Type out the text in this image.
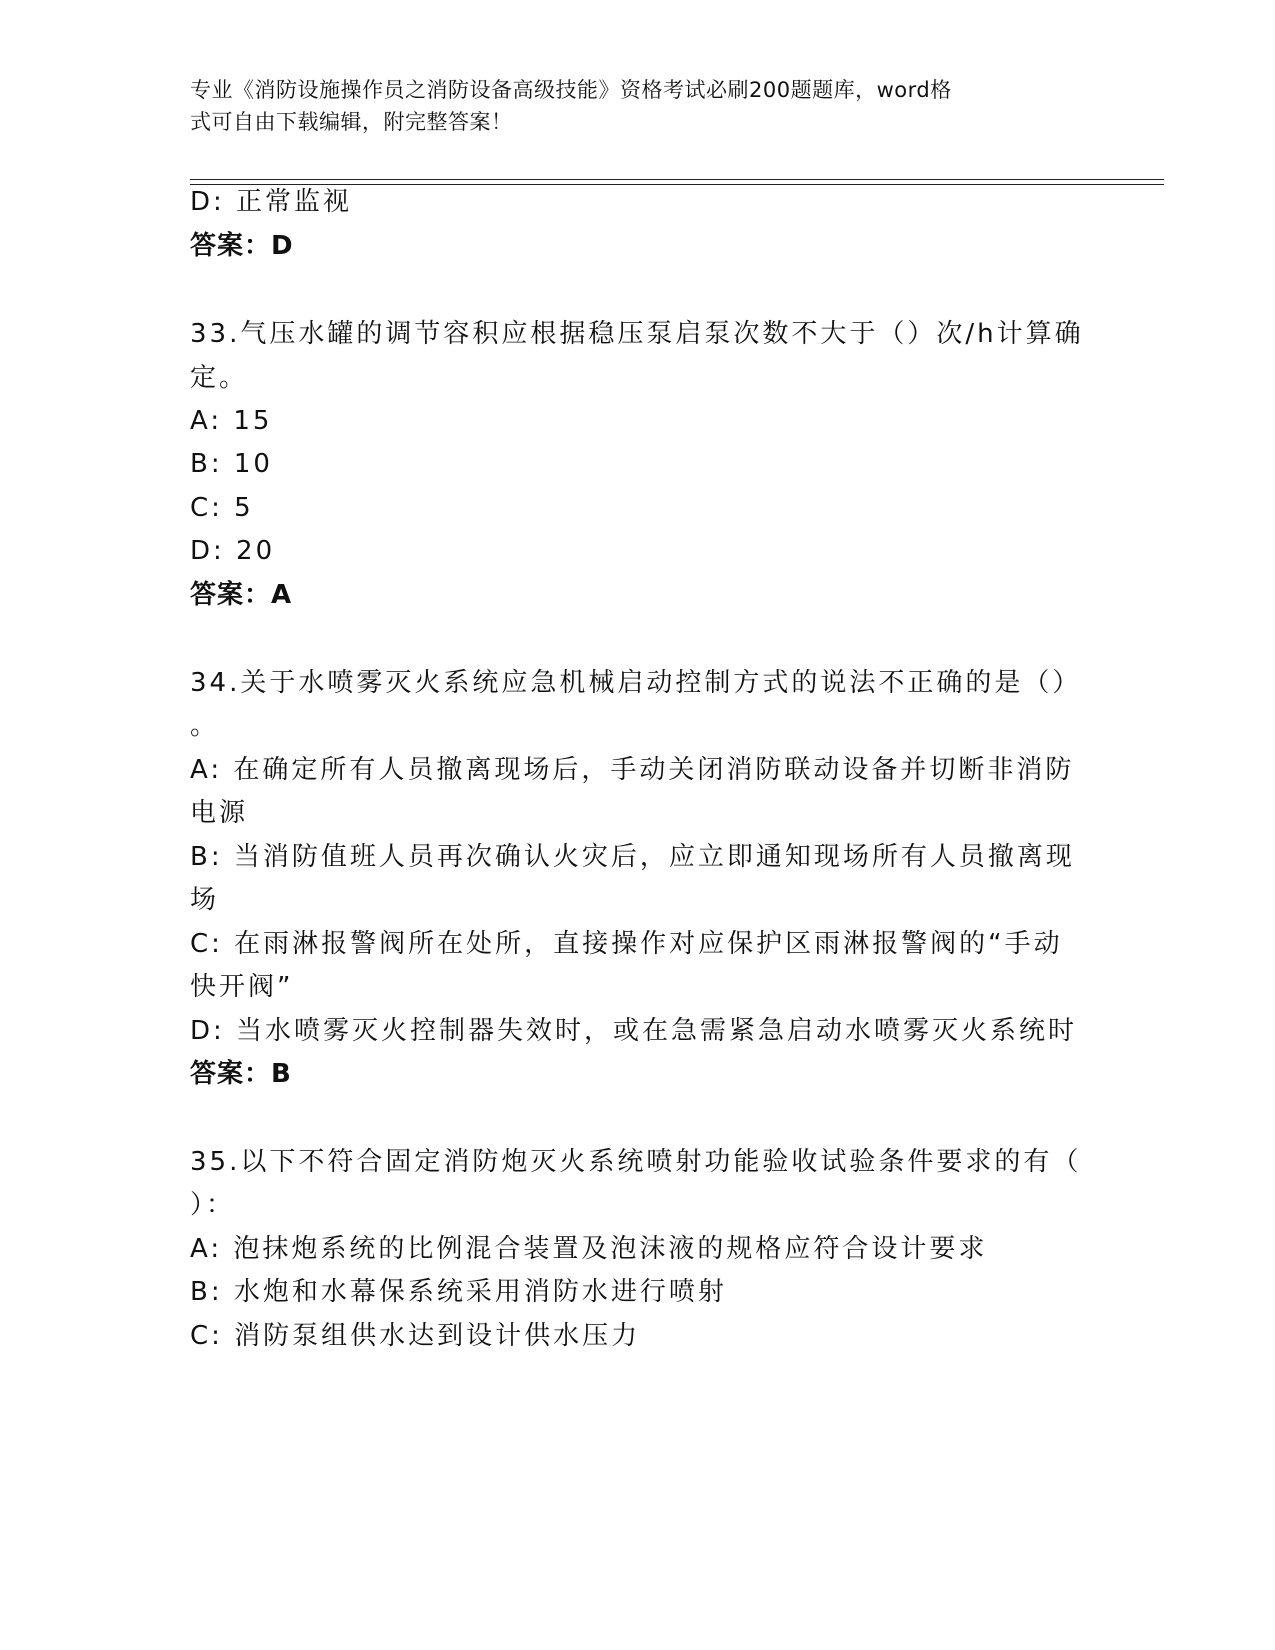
专业《消防设施操作员之消防设备高级技能》资格考试必刷200题题库，word格
式可自由下载编辑，附完整答案！
D: 正常监视
答案：D
33.气压水罐的调节容积应根据稳压泵启泵次数不大于（）次/h计算确
定。
A: 15
B: 10
C: 5
D: 20
答案：A
34.关于水喷雾灭火系统应急机械启动控制方式的说法不正确的是（）
。
A: 在确定所有人员撤离现场后，手动关闭消防联动设备并切断非消防
电源
B: 当消防值班人员再次确认火灾后，应立即通知现场所有人员撤离现
场
C: 在雨淋报警阀所在处所，直接操作对应保护区雨淋报警阀的“手动
快开阀”
D: 当水喷雾灭火控制器失效时，或在急需紧急启动水喷雾灭火系统时
答案：B
35.以下不符合固定消防炮灭火系统喷射功能验收试验条件要求的有（
）：
A: 泡抹炮系统的比例混合装置及泡沫液的规格应符合设计要求
B: 水炮和水幕保系统采用消防水进行喷射
C: 消防泵组供水达到设计供水压力
